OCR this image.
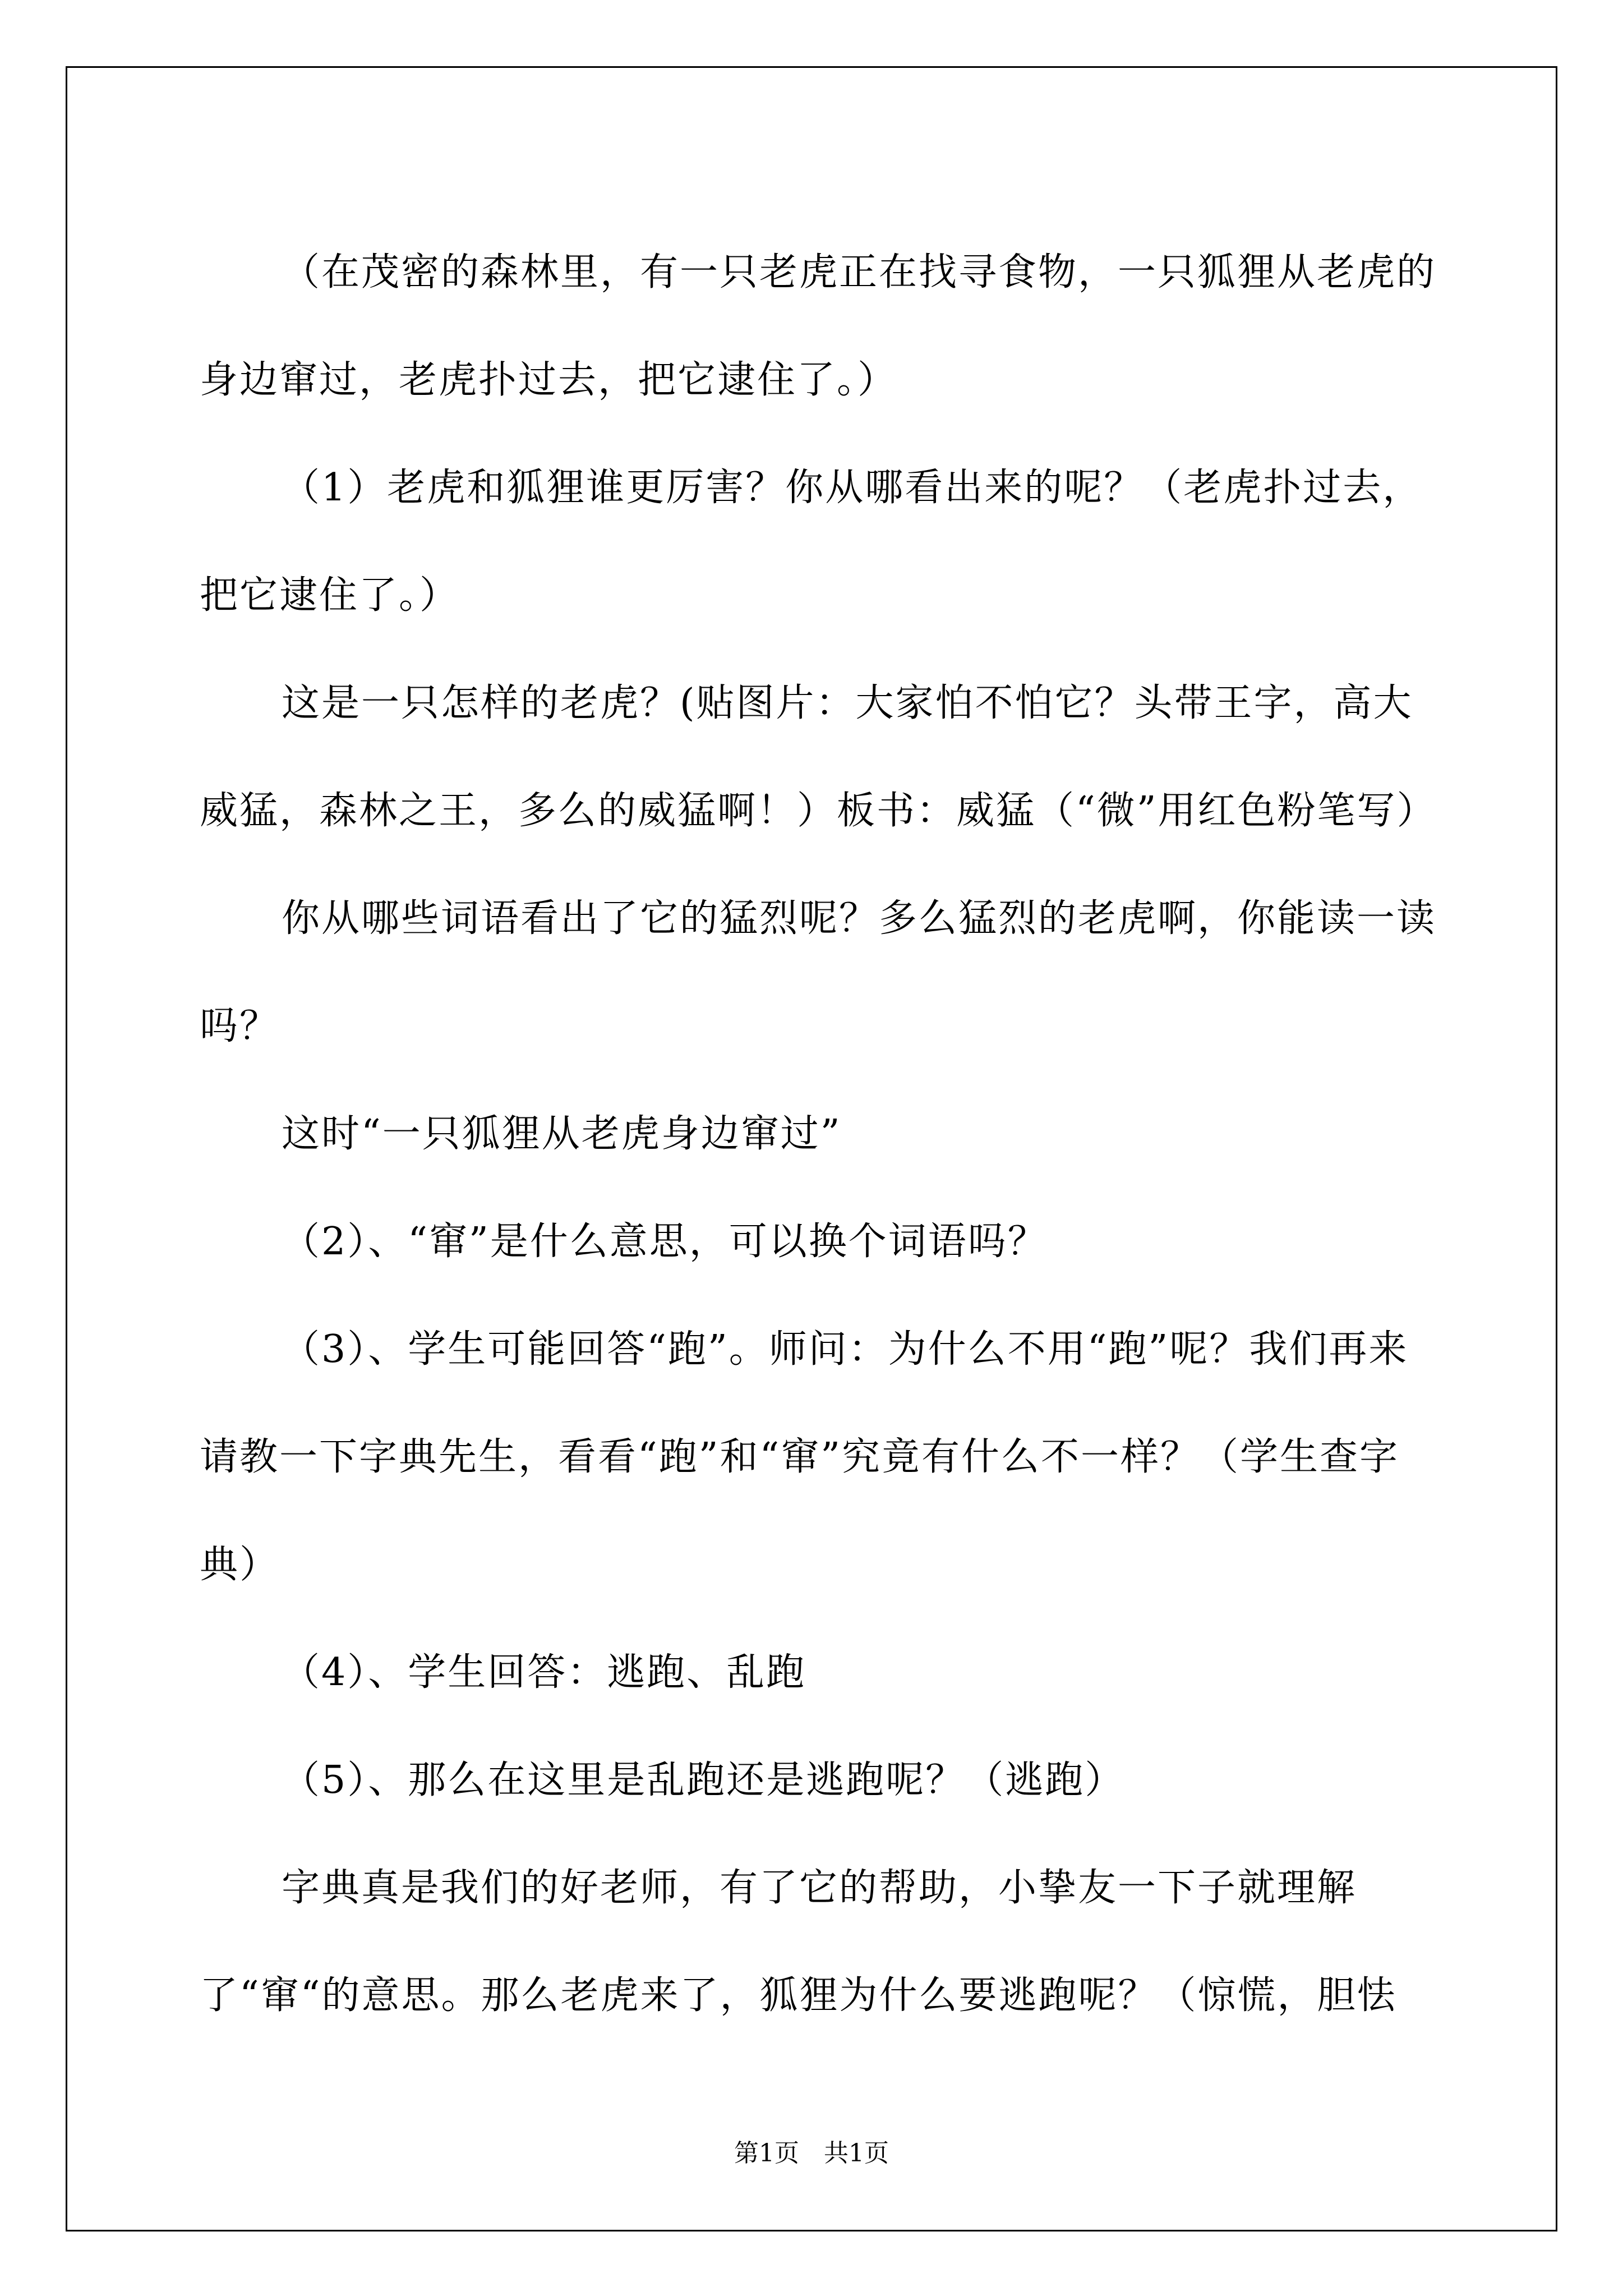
（在茂密的森林里，有一只老虎正在找寻食物，一只狐狸从老虎的身边窜过，老虎扑过去，把它逮住了。）

（1）老虎和狐狸谁更厉害？你从哪看出来的呢？（老虎扑过去，把它逮住了。）

这是一只怎样的老虎？(贴图片：大家怕不怕它？头带王字，高大威猛，森林之王，多么的威猛啊！）板书：威猛（“微”用红色粉笔写）

你从哪些词语看出了它的猛烈呢？多么猛烈的老虎啊，你能读一读吗？

这时“一只狐狸从老虎身边窜过”

（2）、“窜”是什么意思，可以换个词语吗？

（3）、学生可能回答“跑”。师问：为什么不用“跑”呢？我们再来请教一下字典先生，看看“跑”和“窜”究竟有什么不一样？（学生查字典）

（4）、学生回答：逃跑、乱跑

（5）、那么在这里是乱跑还是逃跑呢？（逃跑）

字典真是我们的好老师，有了它的帮助，小挚友一下子就理解了“窜“的意思。那么老虎来了，狐狸为什么要逃跑呢？（惊慌，胆怯

第1页　共1页
